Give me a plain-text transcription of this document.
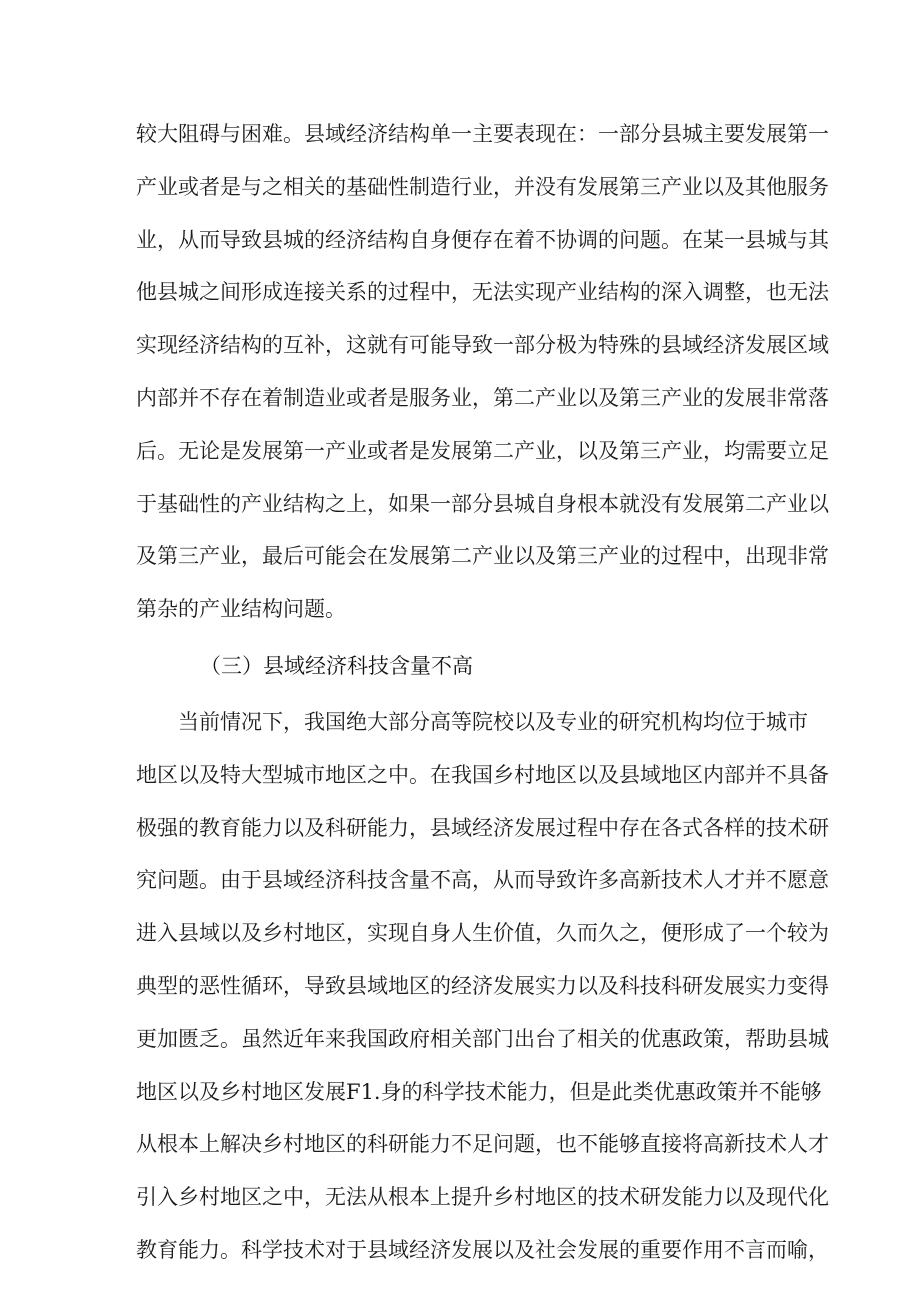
较大阻碍与困难。县域经济结构单一主要表现在：一部分县城主要发展第一
产业或者是与之相关的基础性制造行业，并没有发展第三产业以及其他服务
业，从而导致县城的经济结构自身便存在着不协调的问题。在某一县城与其
他县城之间形成连接关系的过程中，无法实现产业结构的深入调整，也无法
实现经济结构的互补，这就有可能导致一部分极为特殊的县域经济发展区域
内部并不存在着制造业或者是服务业，第二产业以及第三产业的发展非常落
后。无论是发展第一产业或者是发展第二产业，以及第三产业，均需要立足
于基础性的产业结构之上，如果一部分县城自身根本就没有发展第二产业以
及第三产业，最后可能会在发展第二产业以及第三产业的过程中，出现非常
第杂的产业结构问题。
（三）县域经济科技含量不高
当前情况下，我国绝大部分高等院校以及专业的研究机构均位于城市
地区以及特大型城市地区之中。在我国乡村地区以及县域地区内部并不具备
极强的教育能力以及科研能力，县域经济发展过程中存在各式各样的技术研
究问题。由于县域经济科技含量不高，从而导致许多高新技术人才并不愿意
进入县域以及乡村地区，实现自身人生价值，久而久之，便形成了一个较为
典型的恶性循环，导致县域地区的经济发展实力以及科技科研发展实力变得
更加匮乏。虽然近年来我国政府相关部门出台了相关的优惠政策，帮助县城
地区以及乡村地区发展F1.身的科学技术能力，但是此类优惠政策并不能够
从根本上解决乡村地区的科研能力不足问题，也不能够直接将高新技术人才
引入乡村地区之中，无法从根本上提升乡村地区的技术研发能力以及现代化
教育能力。科学技术对于县域经济发展以及社会发展的重要作用不言而喻，
